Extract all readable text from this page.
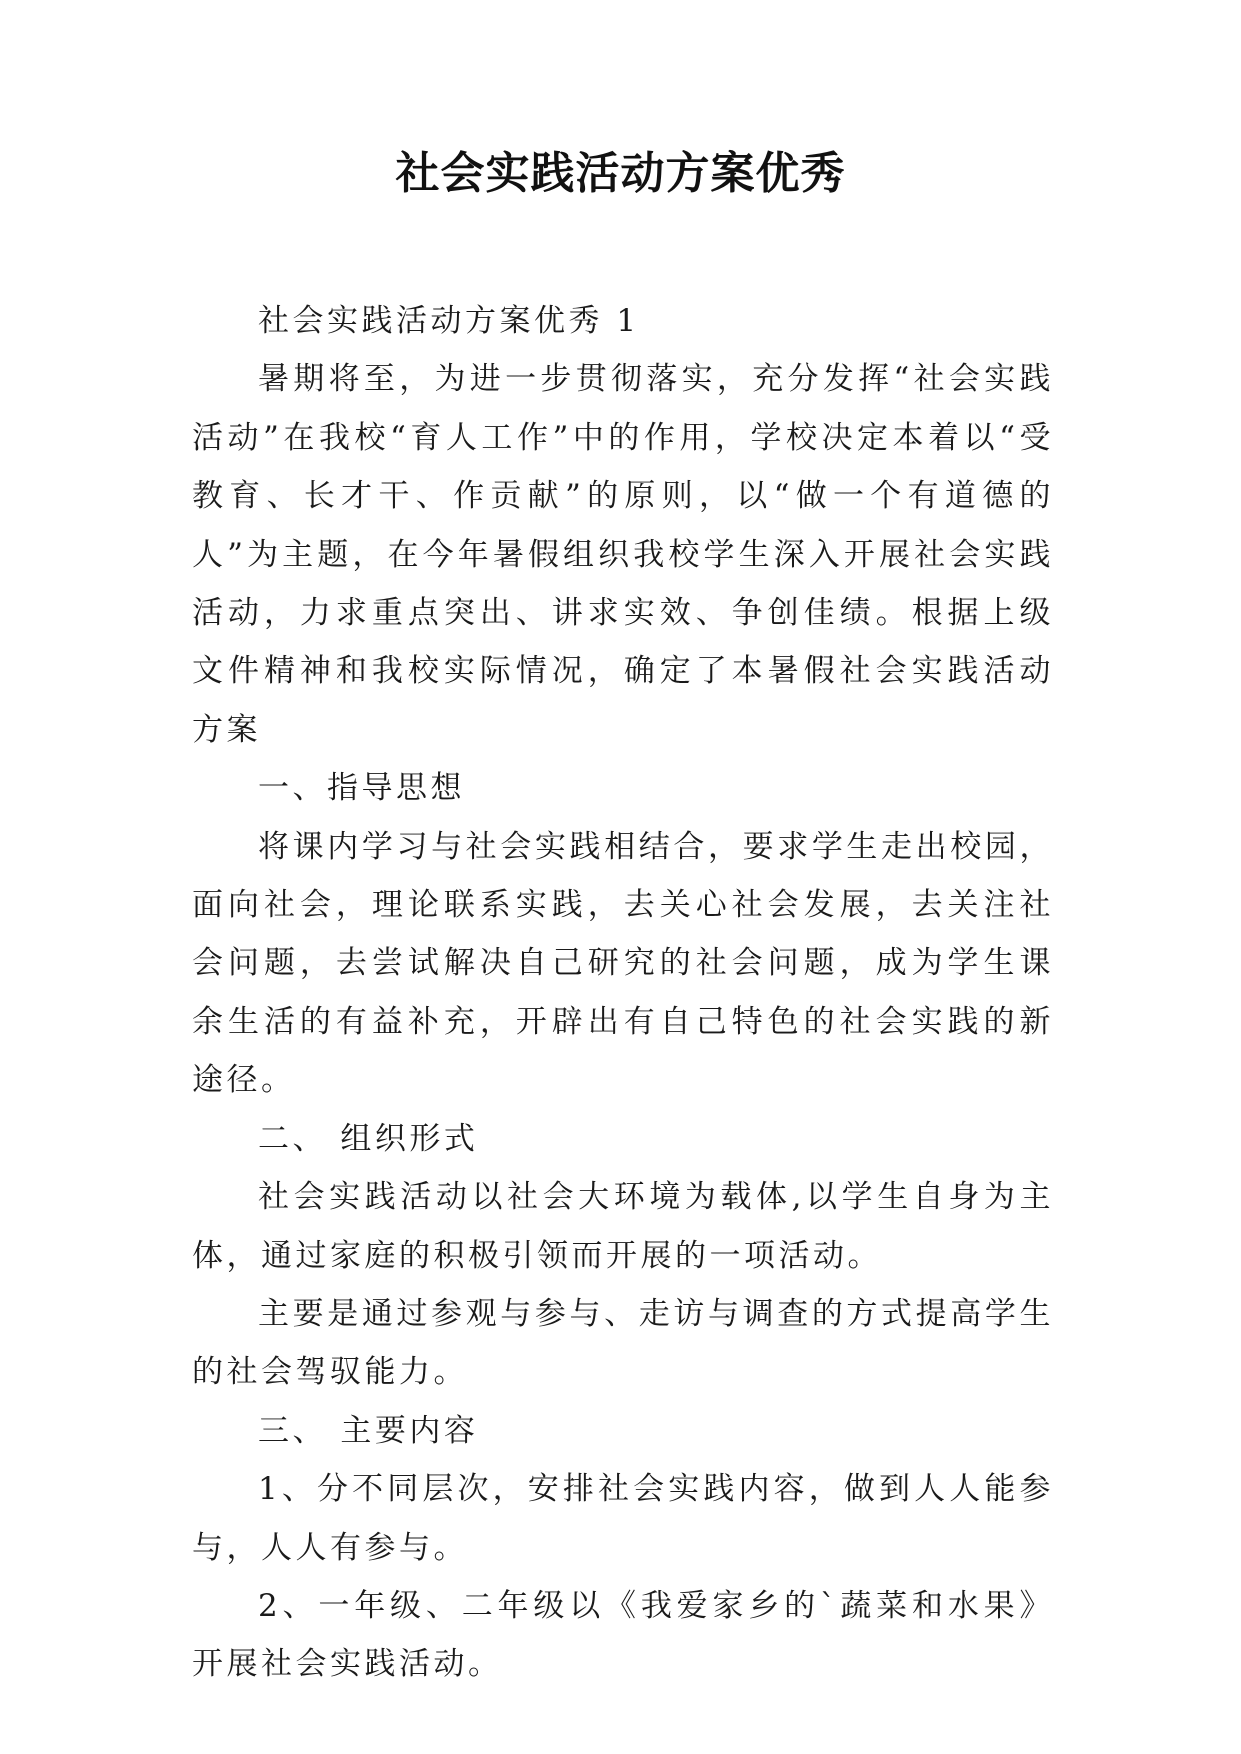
社会实践活动方案优秀

社会实践活动方案优秀 1

暑期将至，为进一步贯彻落实，充分发挥“社会实践活动”在我校“育人工作”中的作用，学校决定本着以“受教育、长才干、作贡献”的原则，以“做一个有道德的人”为主题，在今年暑假组织我校学生深入开展社会实践活动，力求重点突出、讲求实效、争创佳绩。根据上级文件精神和我校实际情况，确定了本暑假社会实践活动方案

一、指导思想

将课内学习与社会实践相结合，要求学生走出校园，面向社会，理论联系实践，去关心社会发展，去关注社会问题，去尝试解决自己研究的社会问题，成为学生课余生活的有益补充，开辟出有自己特色的社会实践的新途径。

二、 组织形式

社会实践活动以社会大环境为载体,以学生自身为主体，通过家庭的积极引领而开展的一项活动。

主要是通过参观与参与、走访与调查的方式提高学生的社会驾驭能力。

三、 主要内容

1、分不同层次，安排社会实践内容，做到人人能参与，人人有参与。

2、一年级、二年级以《我爱家乡的`蔬菜和水果》开展社会实践活动。
